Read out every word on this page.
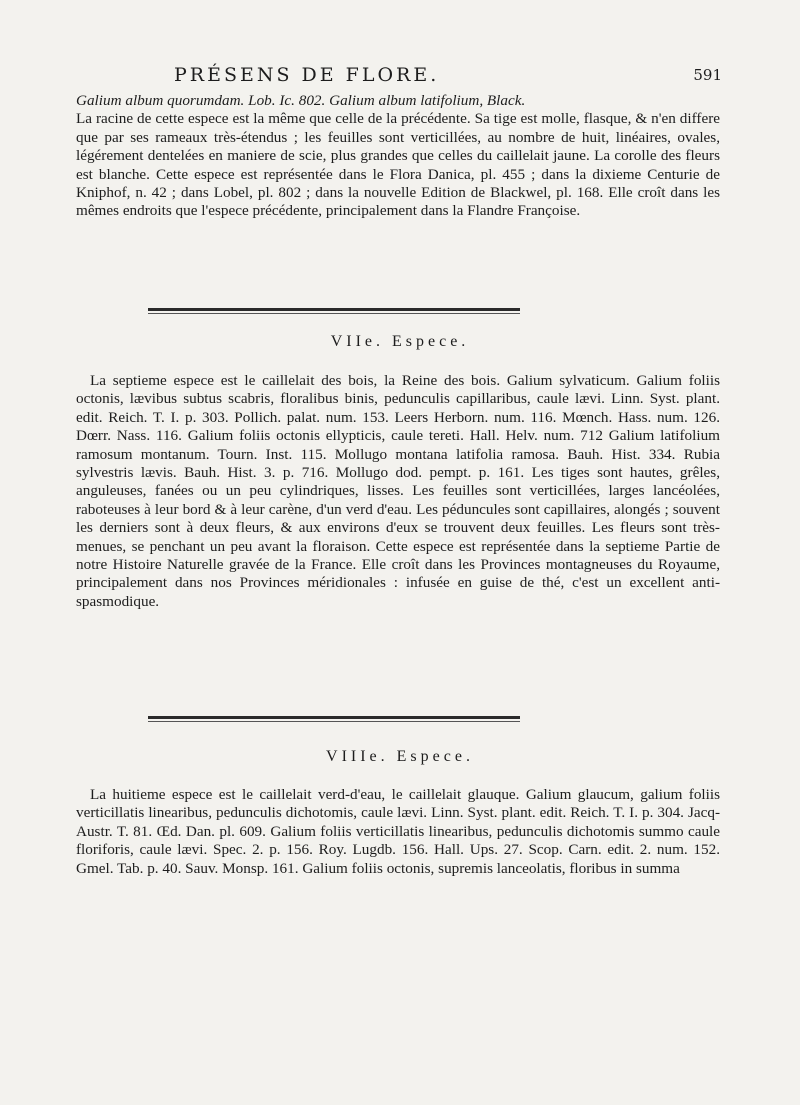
PRÉSENS DE FLORE.	591

Galium album quorumdam. Lob. Ic. 802. Galium album latifolium, Black.

La racine de cette espece est la même que celle de la précédente. Sa tige est molle, flasque, & n'en differe que par ses rameaux très-étendus ; les feuilles sont verticillées, au nombre de huit, linéaires, ovales, légérement dentelées en maniere de scie, plus grandes que celles du caillelait jaune. La corolle des fleurs est blanche. Cette espece est représentée dans le Flora Danica, pl. 455 ; dans la dixieme Centurie de Kniphof, n. 42 ; dans Lobel, pl. 802 ; dans la nouvelle Edition de Blackwel, pl. 168. Elle croît dans les mêmes endroits que l'espece précédente, principalement dans la Flandre Françoise.

VIIe. Espece.

La septieme espece est le caillelait des bois, la Reine des bois. Galium sylvaticum. Galium foliis octonis, lævibus subtus scabris, floralibus binis, pedunculis capillaribus, caule lævi. Linn. Syst. plant. edit. Reich. T. I. p. 303. Pollich. palat. num. 153. Leers Herborn. num. 116. Mœnch. Hass. num. 126. Dœrr. Nass. 116. Galium foliis octonis ellypticis, caule tereti. Hall. Helv. num. 712 Galium latifolium ramosum montanum. Tourn. Inst. 115. Mollugo montana latifolia ramosa. Bauh. Hist. 334. Rubia sylvestris lævis. Bauh. Hist. 3. p. 716. Mollugo dod. pempt. p. 161. Les tiges sont hautes, grêles, anguleuses, fanées ou un peu cylindriques, lisses. Les feuilles sont verticillées, larges lancéolées, raboteuses à leur bord & à leur carène, d'un verd d'eau. Les péduncules sont capillaires, alongés ; souvent les derniers sont à deux fleurs, & aux environs d'eux se trouvent deux feuilles. Les fleurs sont très-menues, se penchant un peu avant la floraison. Cette espece est représentée dans la septieme Partie de notre Histoire Naturelle gravée de la France. Elle croît dans les Provinces montagneuses du Royaume, principalement dans nos Provinces méridionales : infusée en guise de thé, c'est un excellent anti-spasmodique.

VIIIe. Espece.

La huitieme espece est le caillelait verd-d'eau, le caillelait glauque. Galium glaucum, galium foliis verticillatis linearibus, pedunculis dichotomis, caule lævi. Linn. Syst. plant. edit. Reich. T. I. p. 304. Jacq- Austr. T. 81. Œd. Dan. pl. 609. Galium foliis verticillatis linearibus, pedunculis dichotomis summo caule floriforis, caule lævi. Spec. 2. p. 156. Roy. Lugdb. 156. Hall. Ups. 27. Scop. Carn. edit. 2. num. 152. Gmel. Tab. p. 40. Sauv. Monsp. 161. Galium foliis octonis, supremis lanceolatis, floribus in summa
